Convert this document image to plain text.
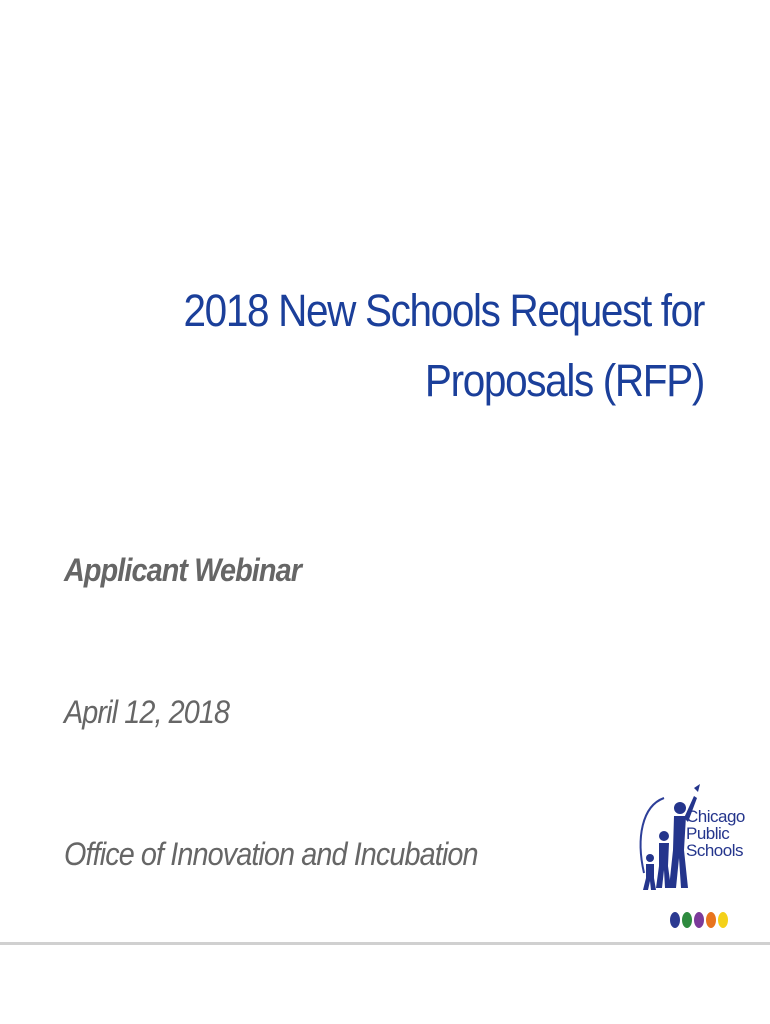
2018 New Schools Request for
Proposals (RFP)
Applicant Webinar
April 12, 2018
Office of Innovation and Incubation
Chicago
Public
Schools
